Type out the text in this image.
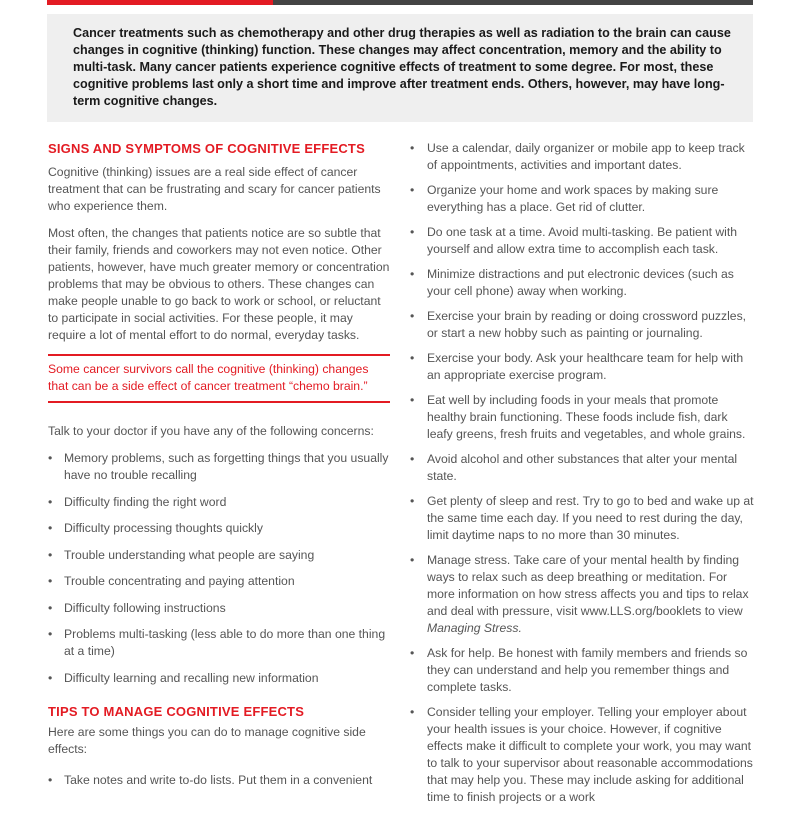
Cancer treatments such as chemotherapy and other drug therapies as well as radiation to the brain can cause changes in cognitive (thinking) function. These changes may affect concentration, memory and the ability to multi-task. Many cancer patients experience cognitive effects of treatment to some degree. For most, these cognitive problems last only a short time and improve after treatment ends. Others, however, may have long-term cognitive changes.

SIGNS AND SYMPTOMS OF COGNITIVE EFFECTS

Cognitive (thinking) issues are a real side effect of cancer treatment that can be frustrating and scary for cancer patients who experience them.

Most often, the changes that patients notice are so subtle that their family, friends and coworkers may not even notice. Other patients, however, have much greater memory or concentration problems that may be obvious to others. These changes can make people unable to go back to work or school, or reluctant to participate in social activities. For these people, it may require a lot of mental effort to do normal, everyday tasks.

Some cancer survivors call the cognitive (thinking) changes that can be a side effect of cancer treatment “chemo brain.”

Talk to your doctor if you have any of the following concerns:

• Memory problems, such as forgetting things that you usually have no trouble recalling
• Difficulty finding the right word
• Difficulty processing thoughts quickly
• Trouble understanding what people are saying
• Trouble concentrating and paying attention
• Difficulty following instructions
• Problems multi-tasking (less able to do more than one thing at a time)
• Difficulty learning and recalling new information
TIPS TO MANAGE COGNITIVE EFFECTS

Here are some things you can do to manage cognitive side effects:

• Take notes and write to-do lists. Put them in a convenient
• Use a calendar, daily organizer or mobile app to keep track of appointments, activities and important dates.
• Organize your home and work spaces by making sure everything has a place. Get rid of clutter.
• Do one task at a time. Avoid multi-tasking. Be patient with yourself and allow extra time to accomplish each task.
• Minimize distractions and put electronic devices (such as your cell phone) away when working.
• Exercise your brain by reading or doing crossword puzzles, or start a new hobby such as painting or journaling.
• Exercise your body. Ask your healthcare team for help with an appropriate exercise program.
• Eat well by including foods in your meals that promote healthy brain functioning. These foods include fish, dark leafy greens, fresh fruits and vegetables, and whole grains.
• Avoid alcohol and other substances that alter your mental state.
• Get plenty of sleep and rest. Try to go to bed and wake up at the same time each day. If you need to rest during the day, limit daytime naps to no more than 30 minutes.
• Manage stress. Take care of your mental health by finding ways to relax such as deep breathing or meditation. For more information on how stress affects you and tips to relax and deal with pressure, visit www.LLS.org/booklets to view Managing Stress.
• Ask for help. Be honest with family members and friends so they can understand and help you remember things and complete tasks.
• Consider telling your employer. Telling your employer about your health issues is your choice. However, if cognitive effects make it difficult to complete your work, you may want to talk to your supervisor about reasonable accommodations that may help you. These may include asking for additional time to finish projects or a work
